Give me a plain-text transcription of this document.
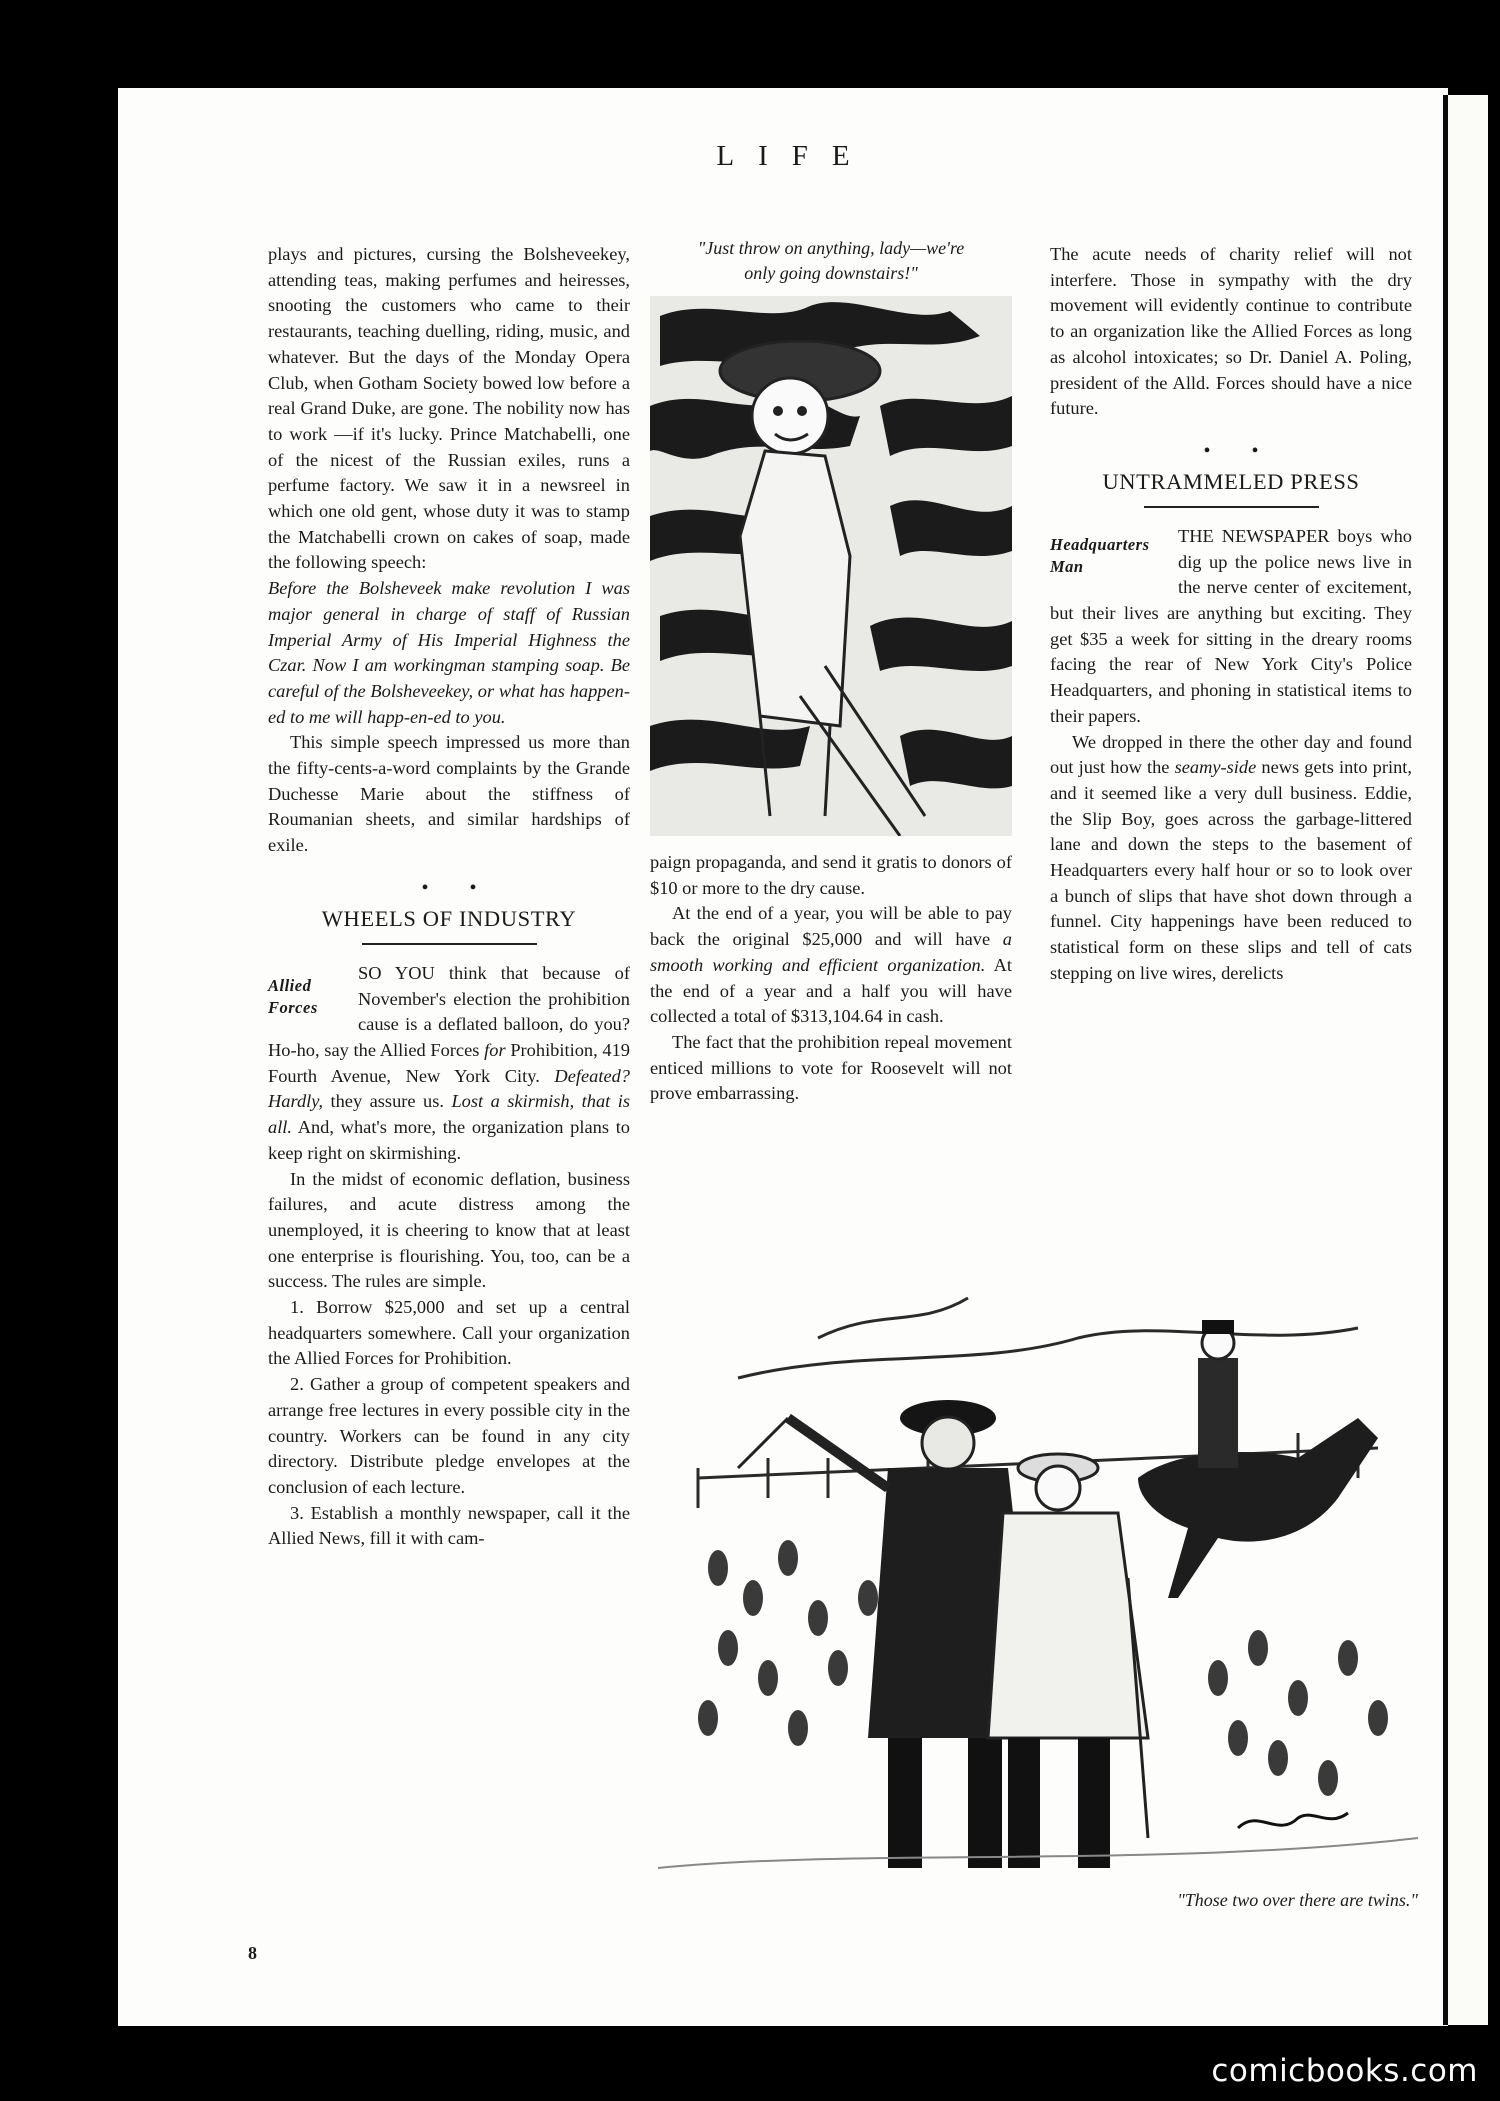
LIFE

plays and pictures, cursing the Bolsheveekey, attending teas, making perfumes and heiresses, snooting the customers who came to their restaurants, teaching duelling, riding, music, and whatever. But the days of the Monday Opera Club, when Gotham Society bowed low before a real Grand Duke, are gone. The nobility now has to work —if it's lucky. Prince Matchabelli, one of the nicest of the Russian exiles, runs a perfume factory. We saw it in a newsreel in which one old gent, whose duty it was to stamp the Matchabelli crown on cakes of soap, made the following speech:

Before the Bolsheveek make revolution I was major general in charge of staff of Russian Imperial Army of His Imperial Highness the Czar. Now I am workingman stamping soap. Be careful of the Bolsheveekey, or what has happen-ed to me will happ-en-ed to you.

This simple speech impressed us more than the fifty-cents-a-word complaints by the Grande Duchesse Marie about the stiffness of Roumanian sheets, and similar hardships of exile.

• •
WHEELS OF INDUSTRY
Allied
Forces

SO YOU think that because of November's election the prohibition cause is a deflated balloon, do you? Ho-ho, say the Allied Forces for Prohibition, 419 Fourth Avenue, New York City. Defeated? Hardly, they assure us. Lost a skirmish, that is all. And, what's more, the organization plans to keep right on skirmishing.

In the midst of economic deflation, business failures, and acute distress among the unemployed, it is cheering to know that at least one enterprise is flourishing. You, too, can be a success. The rules are simple.

1. Borrow $25,000 and set up a central headquarters somewhere. Call your organization the Allied Forces for Prohibition.

2. Gather a group of competent speakers and arrange free lectures in every possible city in the country. Workers can be found in any city directory. Distribute pledge envelopes at the conclusion of each lecture.

3. Establish a monthly newspaper, call it the Allied News, fill it with cam-

"Just throw on anything, lady—we're only going downstairs!"

paign propaganda, and send it gratis to donors of $10 or more to the dry cause.

At the end of a year, you will be able to pay back the original $25,000 and will have a smooth working and efficient organization. At the end of a year and a half you will have collected a total of $313,104.64 in cash.

The fact that the prohibition repeal movement enticed millions to vote for Roosevelt will not prove embarrassing.

The acute needs of charity relief will not interfere. Those in sympathy with the dry movement will evidently continue to contribute to an organization like the Allied Forces as long as alcohol intoxicates; so Dr. Daniel A. Poling, president of the Alld. Forces should have a nice future.

• •
UNTRAMMELED PRESS
Headquarters
Man

THE NEWSPAPER boys who dig up the police news live in the nerve center of excitement, but their lives are anything but exciting. They get $35 a week for sitting in the dreary rooms facing the rear of New York City's Police Headquarters, and phoning in statistical items to their papers.

We dropped in there the other day and found out just how the seamy-side news gets into print, and it seemed like a very dull business. Eddie, the Slip Boy, goes across the garbage-littered lane and down the steps to the basement of Headquarters every half hour or so to look over a bunch of slips that have shot down through a funnel. City happenings have been reduced to statistical form on these slips and tell of cats stepping on live wires, derelicts

"Those two over there are twins."
8
comicbooks.com
